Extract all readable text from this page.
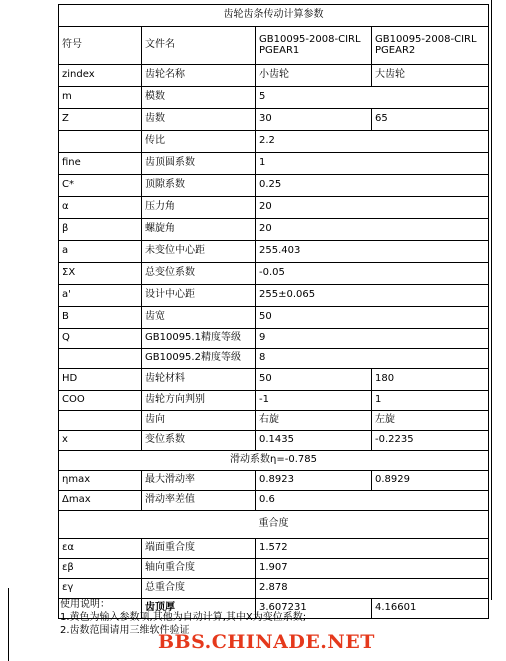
齿轮齿条传动计算参数			
符号	文件名	GB10095-2008-CIRL PGEAR1	GB10095-2008-CIRL PGEAR2
zindex	齿轮名称	小齿轮	大齿轮
m	模数	5	
Z	齿数	30	65
	传比	2.2	
fine	齿顶圆系数	1	
C*	顶隙系数	0.25	
α	压力角	20	
β	螺旋角	20	
a	未变位中心距	255.403	
ΣX	总变位系数	-0.05	
a'	设计中心距	255±0.065	
B	齿宽	50	
Q	GB10095.1精度等级	9	
	GB10095.2精度等级	8	
HD	齿轮材料	50	180
COO	齿轮方向判别	-1	1
	齿向	右旋	左旋
x	变位系数	0.1435	-0.2235
滑动系数η=-0.785			
ηmax	最大滑动率	0.8923	0.8929
Δmax	滑动率差值	0.6	
重合度			
εα	端面重合度	1.572	
εβ	轴向重合度	1.907	
εγ	总重合度	2.878	
	齿顶厚	3.607231	4.16601
使用说明：
1.黄色为输入参数项,其他为自动计算,其中X为变位系数;
2.齿数范围请用三维软件验证
BBS.CHINADE.NET
